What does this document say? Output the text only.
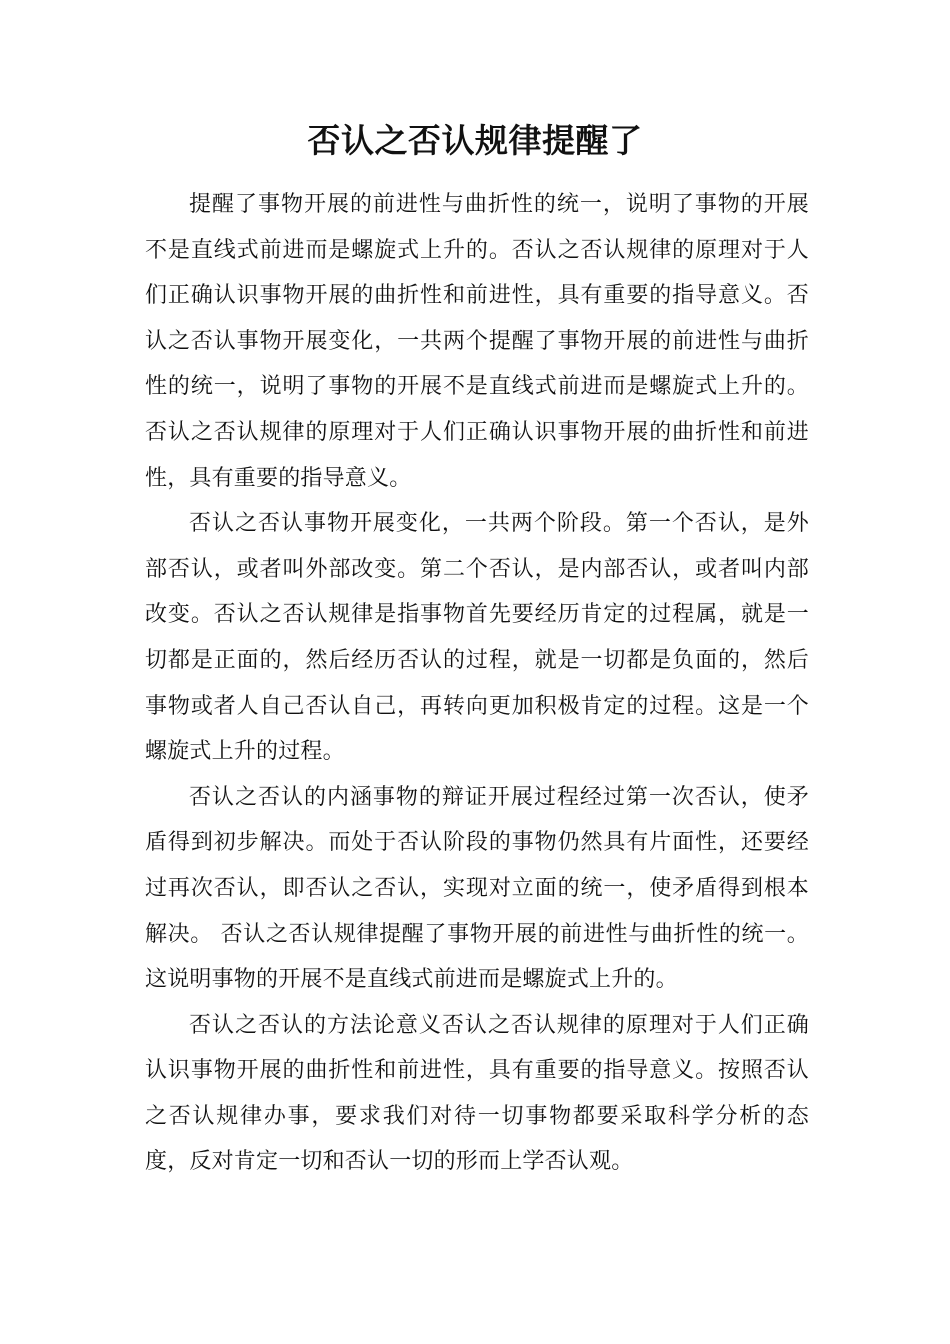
否认之否认规律提醒了

提醒了事物开展的前进性与曲折性的统一，说明了事物的开展不是直线式前进而是螺旋式上升的。否认之否认规律的原理对于人们正确认识事物开展的曲折性和前进性，具有重要的指导意义。否认之否认事物开展变化，一共两个提醒了事物开展的前进性与曲折性的统一，说明了事物的开展不是直线式前进而是螺旋式上升的。否认之否认规律的原理对于人们正确认识事物开展的曲折性和前进性，具有重要的指导意义。

否认之否认事物开展变化，一共两个阶段。第一个否认，是外部否认，或者叫外部改变。第二个否认，是内部否认，或者叫内部改变。否认之否认规律是指事物首先要经历肯定的过程属，就是一切都是正面的，然后经历否认的过程，就是一切都是负面的，然后事物或者人自己否认自己，再转向更加积极肯定的过程。这是一个螺旋式上升的过程。

否认之否认的内涵事物的辩证开展过程经过第一次否认，使矛盾得到初步解决。而处于否认阶段的事物仍然具有片面性，还要经过再次否认，即否认之否认，实现对立面的统一，使矛盾得到根本解决。 否认之否认规律提醒了事物开展的前进性与曲折性的统一。这说明事物的开展不是直线式前进而是螺旋式上升的。

否认之否认的方法论意义否认之否认规律的原理对于人们正确认识事物开展的曲折性和前进性，具有重要的指导意义。按照否认之否认规律办事，要求我们对待一切事物都要采取科学分析的态度，反对肯定一切和否认一切的形而上学否认观。
